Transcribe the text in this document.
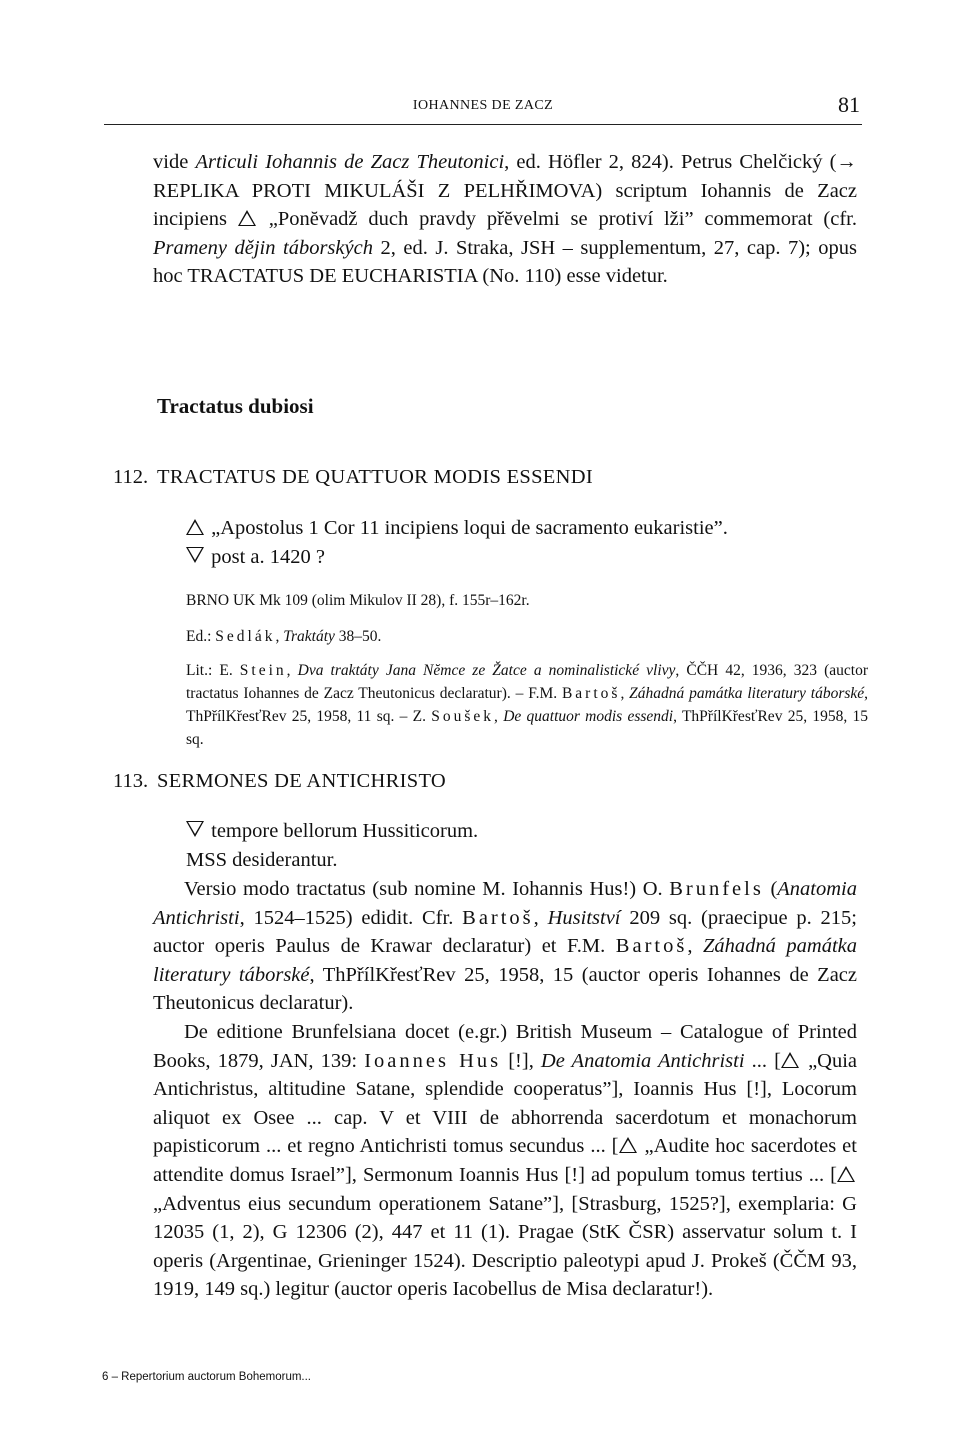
IOHANNES DE ZACZ	81

vide Articuli Iohannis de Zacz Theutonici, ed. Höfler 2, 824). Petrus Chelčický (→ REPLIKA PROTI MIKULÁŠI Z PELHŘIMOVA) scriptum Iohannis de Zacz incipiens  „Ponĕvadž duch pravdy přĕvelmi se protiví lži” commemorat (cfr. Prameny dějin táborských 2, ed. J. Straka, JSH – supplementum, 27, cap. 7); opus hoc TRACTATUS DE EUCHARISTIA (No. 110) esse videtur.

Tractatus dubiosi
112. TRACTATUS DE QUATTUOR MODIS ESSENDI

„Apostolus 1 Cor 11 incipiens loqui de sacramento eukaristie”.

post a. 1420 ?

BRNO UK Mk 109 (olim Mikulov II 28), f. 155r–162r.

Ed.: Sedlák, Traktáty 38–50.

Lit.: E. Stein, Dva traktáty Jana Nĕmce ze Žatce a nominalistické vlivy, ČČH 42, 1936, 323 (auctor tractatus Iohannes de Zacz Theutonicus declaratur). – F.M. Bartoš, Záhadná památka literatury táborské, ThPřílKřesťRev 25, 1958, 11 sq. – Z. Soušek, De quattuor modis essendi, ThPřílKřesťRev 25, 1958, 15 sq.

113. SERMONES DE ANTICHRISTO

tempore bellorum Hussiticorum.

MSS desiderantur.

Versio modo tractatus (sub nomine M. Iohannis Hus!) O. Brunfels (Anatomia Antichristi, 1524–1525) edidit. Cfr. Bartoš, Husitství 209 sq. (praecipue p. 215; auctor operis Paulus de Krawar declaratur) et F.M. Bartoš, Záhadná památka literatury táborské, ThPřílKřesťRev 25, 1958, 15 (auctor operis Iohannes de Zacz Theutonicus declaratur).

De editione Brunfelsiana docet (e.gr.) British Museum – Catalogue of Printed Books, 1879, JAN, 139: Ioannes Hus [!], De Anatomia Antichristi ... [ „Quia Antichristus, altitudine Satane, splendide cooperatus”], Ioannis Hus [!], Locorum aliquot ex Osee ... cap. V et VIII de abhorrenda sacerdotum et monachorum papisticorum ... et regno Antichristi tomus secundus ... [ „Audite hoc sacerdotes et attendite domus Israel”], Sermonum Ioannis Hus [!] ad populum tomus tertius ... [ „Adventus eius secundum operationem Satane”], [Strasburg, 1525?], exemplaria: G 12035 (1, 2), G 12306 (2), 447 et 11 (1). Pragae (StK ČSR) asservatur solum t. I operis (Argentinae, Grieninger 1524). Descriptio paleotypi apud J. Prokeš (ČČM 93, 1919, 149 sq.) legitur (auctor operis Iacobellus de Misa declaratur!).

6 – Repertorium auctorum Bohemorum...
